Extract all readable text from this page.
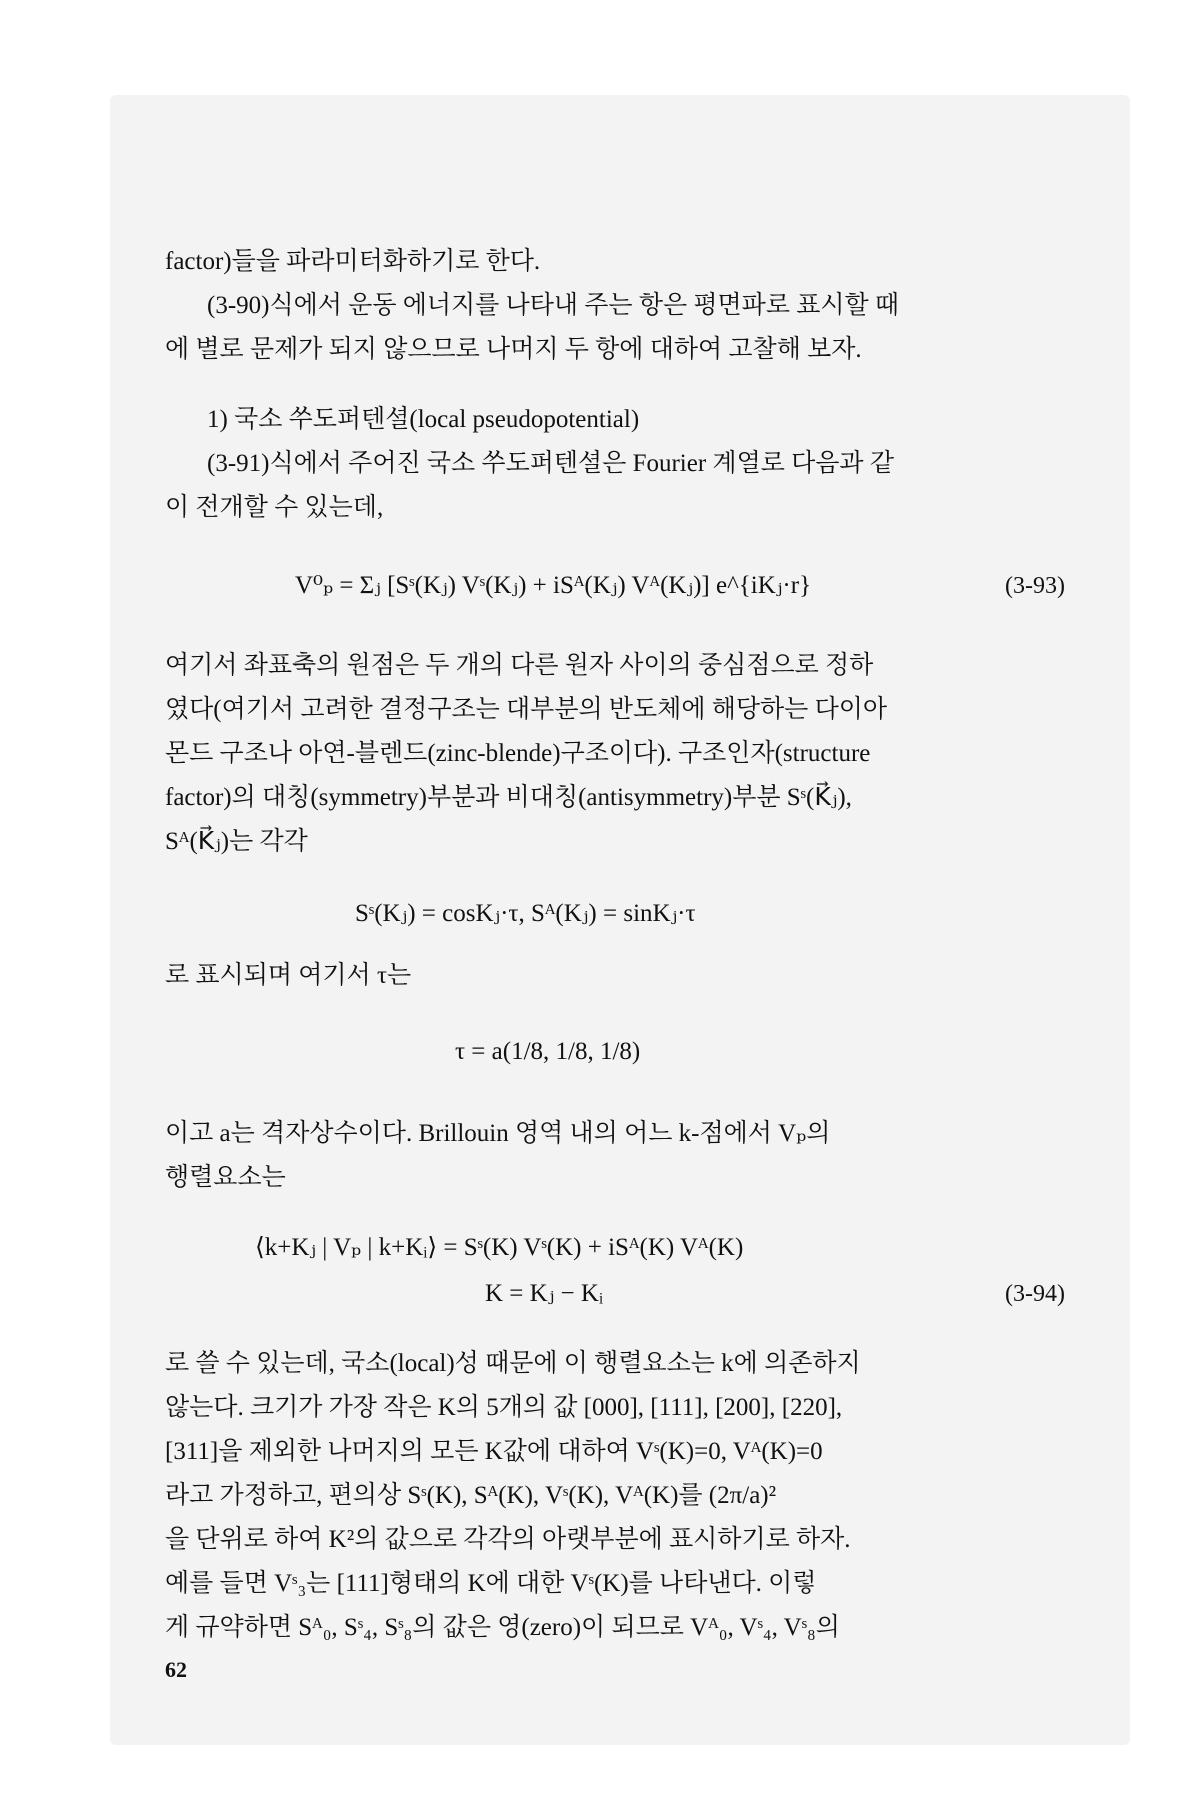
factor)들을 파라미터화하기로 한다.
(3-90)식에서 운동 에너지를 나타내 주는 항은 평면파로 표시할 때
에 별로 문제가 되지 않으므로 나머지 두 항에 대하여 고찰해 보자.
1) 국소 쑤도퍼텐셜(local pseudopotential)
(3-91)식에서 주어진 국소 쑤도퍼텐셜은 Fourier 계열로 다음과 같
이 전개할 수 있는데,
V⁰ₚ = Σⱼ [Sˢ(Kⱼ) Vˢ(Kⱼ) + iSᴬ(Kⱼ) Vᴬ(Kⱼ)] e^{iKⱼ·r}	(3-93)
여기서 좌표축의 원점은 두 개의 다른 원자 사이의 중심점으로 정하
였다(여기서 고려한 결정구조는 대부분의 반도체에 해당하는 다이아
몬드 구조나 아연-블렌드(zinc-blende)구조이다). 구조인자(structure
factor)의 대칭(symmetry)부분과 비대칭(antisymmetry)부분 Sˢ(K⃗ⱼ),
Sᴬ(K⃗ⱼ)는 각각
Sˢ(Kⱼ) = cosKⱼ·τ, Sᴬ(Kⱼ) = sinKⱼ·τ
로 표시되며 여기서 τ는
τ = a(1/8, 1/8, 1/8)
이고 a는 격자상수이다. Brillouin 영역 내의 어느 k-점에서 Vₚ의
행렬요소는
⟨k+Kⱼ | Vₚ | k+Kᵢ⟩ = Sˢ(K) Vˢ(K) + iSᴬ(K) Vᴬ(K)
K = Kⱼ − Kᵢ	(3-94)
로 쓸 수 있는데, 국소(local)성 때문에 이 행렬요소는 k에 의존하지
않는다. 크기가 가장 작은 K의 5개의 값 [000], [111], [200], [220],
[311]을 제외한 나머지의 모든 K값에 대하여 Vˢ(K)=0, Vᴬ(K)=0
라고 가정하고, 편의상 Sˢ(K), Sᴬ(K), Vˢ(K), Vᴬ(K)를 (2π/a)²
을 단위로 하여 K²의 값으로 각각의 아랫부분에 표시하기로 하자.
예를 들면 Vˢ₃는 [111]형태의 K에 대한 Vˢ(K)를 나타낸다. 이렇
게 규약하면 Sᴬ₀, Sˢ₄, Sˢ₈의 값은 영(zero)이 되므로 Vᴬ₀, Vˢ₄, Vˢ₈의
62
